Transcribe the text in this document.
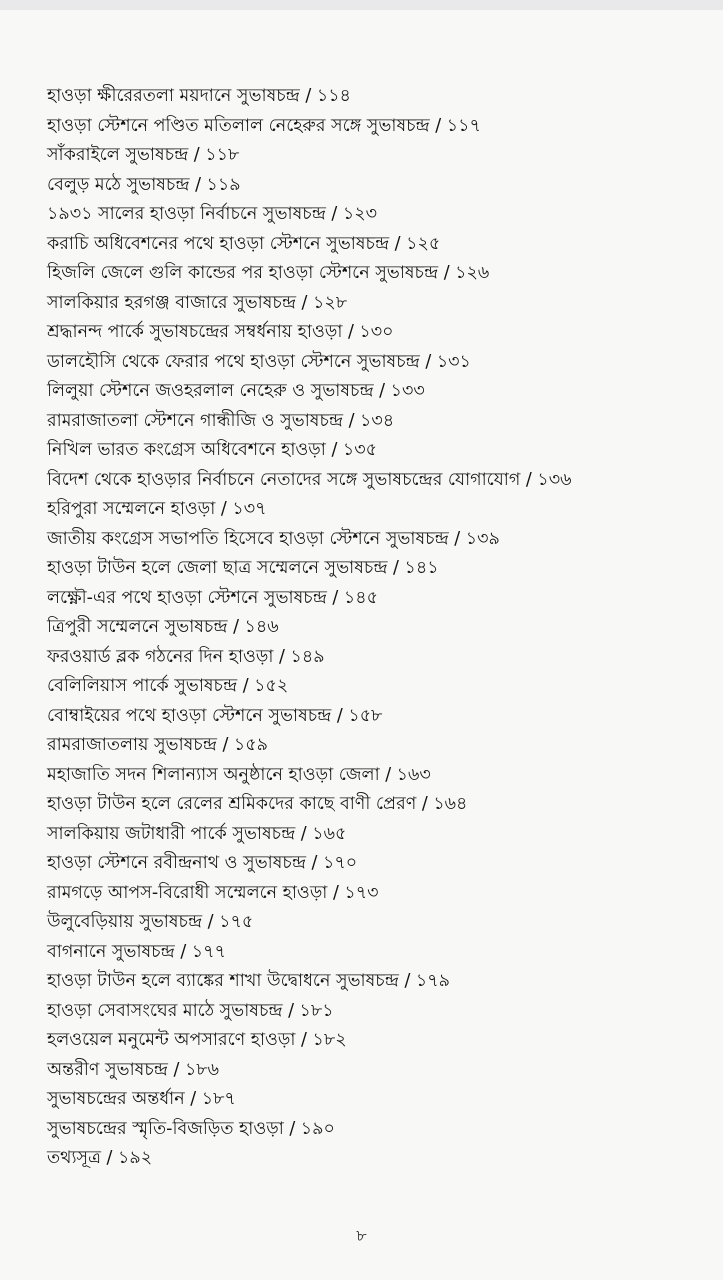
হাওড়া ক্ষীরেরতলা ময়দানে সুভাষচন্দ্র / ১১৪
হাওড়া স্টেশনে পণ্ডিত মতিলাল নেহেরুর সঙ্গে সুভাষচন্দ্র / ১১৭
সাঁকরাইলে সুভাষচন্দ্র / ১১৮
বেলুড় মঠে সুভাষচন্দ্র / ১১৯
১৯৩১ সালের হাওড়া নির্বাচনে সুভাষচন্দ্র / ১২৩
করাচি অধিবেশনের পথে হাওড়া স্টেশনে সুভাষচন্দ্র / ১২৫
হিজলি জেলে গুলি কান্ডের পর হাওড়া স্টেশনে সুভাষচন্দ্র / ১২৬
সালকিয়ার হরগঞ্জ বাজারে সুভাষচন্দ্র / ১২৮
শ্রদ্ধানন্দ পার্কে সুভাষচন্দ্রের সম্বর্ধনায় হাওড়া / ১৩০
ডালহৌসি থেকে ফেরার পথে হাওড়া স্টেশনে সুভাষচন্দ্র / ১৩১
লিলুয়া স্টেশনে জওহরলাল নেহেরু ও সুভাষচন্দ্র / ১৩৩
রামরাজাতলা স্টেশনে গান্ধীজি ও সুভাষচন্দ্র / ১৩৪
নিখিল ভারত কংগ্রেস অধিবেশনে হাওড়া / ১৩৫
বিদেশ থেকে হাওড়ার নির্বাচনে নেতাদের সঙ্গে সুভাষচন্দ্রের যোগাযোগ / ১৩৬
হরিপুরা সম্মেলনে হাওড়া / ১৩৭
জাতীয় কংগ্রেস সভাপতি হিসেবে হাওড়া স্টেশনে সুভাষচন্দ্র / ১৩৯
হাওড়া টাউন হলে জেলা ছাত্র সম্মেলনে সুভাষচন্দ্র / ১৪১
লক্ষ্ণৌ-এর পথে হাওড়া স্টেশনে সুভাষচন্দ্র / ১৪৫
ত্রিপুরী সম্মেলনে সুভাষচন্দ্র / ১৪৬
ফরওয়ার্ড ব্লক গঠনের দিন হাওড়া / ১৪৯
বেলিলিয়াস পার্কে সুভাষচন্দ্র / ১৫২
বোম্বাইয়ের পথে হাওড়া স্টেশনে সুভাষচন্দ্র / ১৫৮
রামরাজাতলায় সুভাষচন্দ্র / ১৫৯
মহাজাতি সদন শিলান্যাস অনুষ্ঠানে হাওড়া জেলা / ১৬৩
হাওড়া টাউন হলে রেলের শ্রমিকদের কাছে বাণী প্রেরণ / ১৬৪
সালকিয়ায় জটাধারী পার্কে সুভাষচন্দ্র / ১৬৫
হাওড়া স্টেশনে রবীন্দ্রনাথ ও সুভাষচন্দ্র / ১৭০
রামগড়ে আপস-বিরোধী সম্মেলনে হাওড়া / ১৭৩
উলুবেড়িয়ায় সুভাষচন্দ্র / ১৭৫
বাগনানে সুভাষচন্দ্র / ১৭৭
হাওড়া টাউন হলে ব্যাঙ্কের শাখা উদ্বোধনে সুভাষচন্দ্র / ১৭৯
হাওড়া সেবাসংঘের মাঠে সুভাষচন্দ্র / ১৮১
হলওয়েল মনুমেন্ট অপসারণে হাওড়া / ১৮২
অন্তরীণ সুভাষচন্দ্র / ১৮৬
সুভাষচন্দ্রের অন্তর্ধান / ১৮৭
সুভাষচন্দ্রের স্মৃতি-বিজড়িত হাওড়া / ১৯০
তথ্যসূত্র / ১৯২
৮
